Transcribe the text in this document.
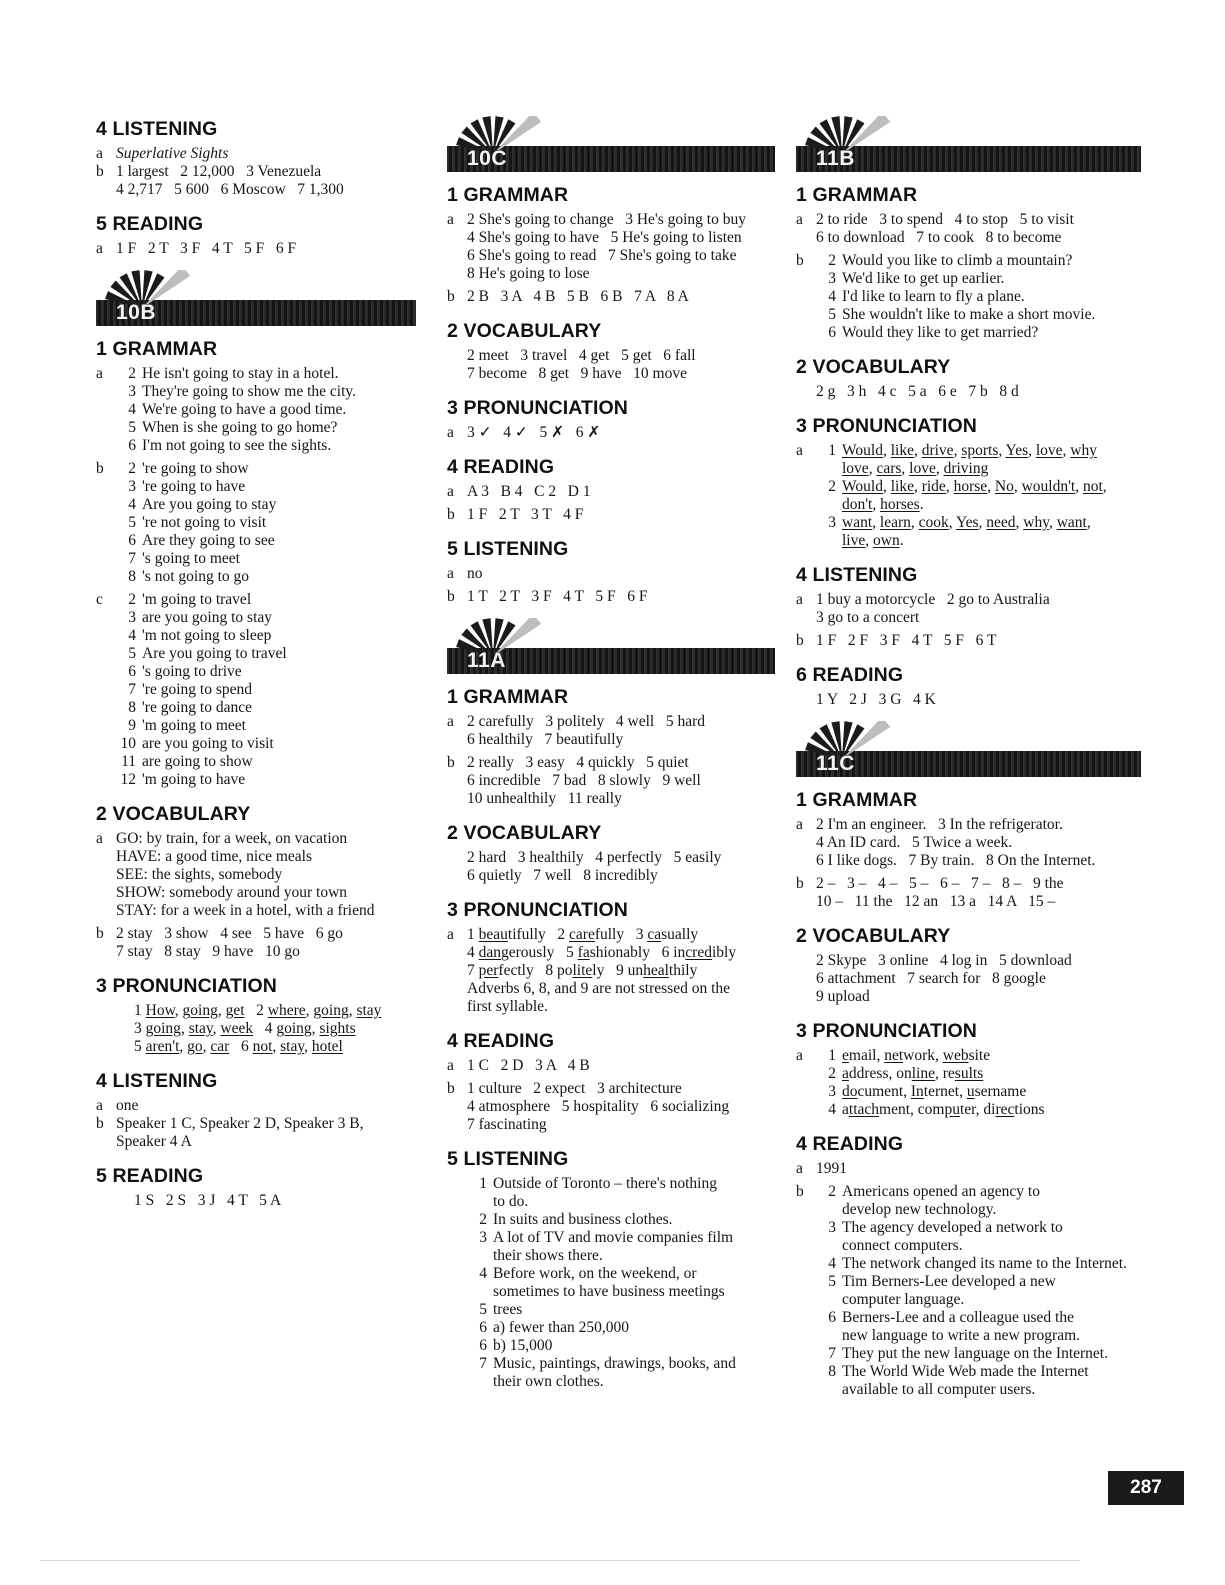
4 LISTENING
a Superlative Sights
b 1 largest   2 12,000   3 Venezuela
4 2,717   5 600   6 Moscow   7 1,300
5 READING
a 1 F   2 T   3 F   4 T   5 F   6 F
10B
1 GRAMMAR
a	2 He isn't going to stay in a hotel.
3 They're going to show me the city.
4 We're going to have a good time.
5 When is she going to go home?
6 I'm not going to see the sights.
b	2 're going to show
3 're going to have
4 Are you going to stay
5 're not going to visit
6 Are they going to see
7 's going to meet
8 's not going to go
c	2 'm going to travel
3 are you going to stay
4 'm not going to sleep
5 Are you going to travel
6 's going to drive
7 're going to spend
8 're going to dance
9 'm going to meet
10 are you going to visit
11 are going to show
12 'm going to have
2 VOCABULARY
a GO: by train, for a week, on vacation
HAVE: a good time, nice meals
SEE: the sights, somebody
SHOW: somebody around your town
STAY: for a week in a hotel, with a friend
b 2 stay   3 show   4 see   5 have   6 go
7 stay   8 stay   9 have   10 go
3 PRONUNCIATION
1 How, going, get   2 where, going, stay
3 going, stay, week   4 going, sights
5 aren't, go, car   6 not, stay, hotel
4 LISTENING
a one
b Speaker 1 C, Speaker 2 D, Speaker 3 B,
Speaker 4 A
5 READING
1 S   2 S   3 J   4 T   5 A
10C
1 GRAMMAR
a 2 She's going to change   3 He's going to buy
4 She's going to have   5 He's going to listen
6 She's going to read   7 She's going to take
8 He's going to lose
b 2 B   3 A   4 B   5 B   6 B   7 A   8 A
2 VOCABULARY
2 meet   3 travel   4 get   5 get   6 fall
7 become   8 get   9 have   10 move
3 PRONUNCIATION
a 3 ✓   4 ✓   5 ✗   6 ✗
4 READING
a A 3   B 4   C 2   D 1
b 1 F   2 T   3 T   4 F
5 LISTENING
a no
b 1 T   2 T   3 F   4 T   5 F   6 F
11A
1 GRAMMAR
a 2 carefully   3 politely   4 well   5 hard
6 healthily   7 beautifully
b 2 really   3 easy   4 quickly   5 quiet
6 incredible   7 bad   8 slowly   9 well
10 unhealthily   11 really
2 VOCABULARY
2 hard   3 healthily   4 perfectly   5 easily
6 quietly   7 well   8 incredibly
3 PRONUNCIATION
a 1 beautifully   2 carefully   3 casually
4 dangerously   5 fashionably   6 incredibly
7 perfectly   8 politely   9 unhealthily
Adverbs 6, 8, and 9 are not stressed on the
first syllable.
4 READING
a 1 C   2 D   3 A   4 B
b 1 culture   2 expect   3 architecture
4 atmosphere   5 hospitality   6 socializing
7 fascinating
5 LISTENING
1 Outside of Toronto – there's nothing
to do.
2 In suits and business clothes.
3 A lot of TV and movie companies film
their shows there.
4 Before work, on the weekend, or
sometimes to have business meetings
5 trees
6 a) fewer than 250,000
6 b) 15,000
7 Music, paintings, drawings, books, and
their own clothes.
11B
1 GRAMMAR
a 2 to ride   3 to spend   4 to stop   5 to visit
6 to download   7 to cook   8 to become
b	2 Would you like to climb a mountain?
3 We'd like to get up earlier.
4 I'd like to learn to fly a plane.
5 She wouldn't like to make a short movie.
6 Would they like to get married?
2 VOCABULARY
2 g   3 h   4 c   5 a   6 e   7 b   8 d
3 PRONUNCIATION
a	1 Would, like, drive, sports, Yes, love, why
love, cars, love, driving
2 Would, like, ride, horse, No, wouldn't, not,
don't, horses.
3 want, learn, cook, Yes, need, why, want,
live, own.
4 LISTENING
a 1 buy a motorcycle   2 go to Australia
3 go to a concert
b 1 F   2 F   3 F   4 T   5 F   6 T
6 READING
1 Y   2 J   3 G   4 K
11C
1 GRAMMAR
a 2 I'm an engineer.   3 In the refrigerator.
4 An ID card.   5 Twice a week.
6 I like dogs.   7 By train.   8 On the Internet.
b 2 –   3 –   4 –   5 –   6 –   7 –   8 –   9 the
10 –   11 the   12 an   13 a   14 A   15 –
2 VOCABULARY
2 Skype   3 online   4 log in   5 download
6 attachment   7 search for   8 google
9 upload
3 PRONUNCIATION
a	1 email, network, website
2 address, online, results
3 document, Internet, username
4 attachment, computer, directions
4 READING
a 1991
b	2 Americans opened an agency to
develop new technology.
3 The agency developed a network to
connect computers.
4 The network changed its name to the Internet.
5 Tim Berners-Lee developed a new
computer language.
6 Berners-Lee and a colleague used the
new language to write a new program.
7 They put the new language on the Internet.
8 The World Wide Web made the Internet
available to all computer users.
287
